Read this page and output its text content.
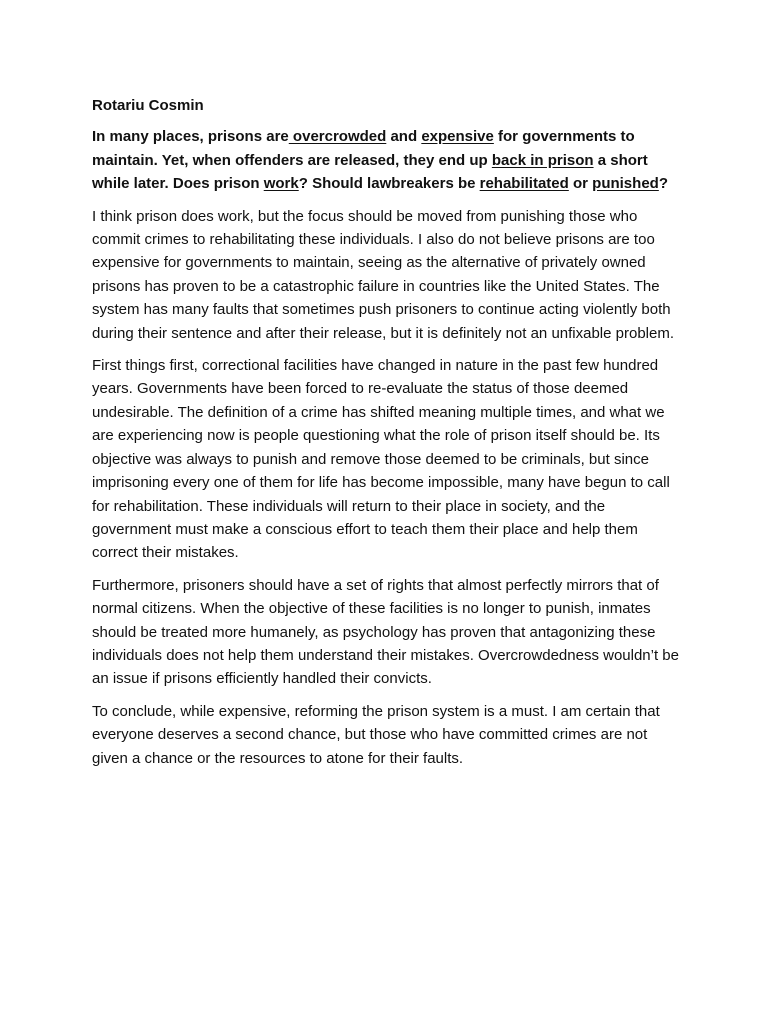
Rotariu Cosmin

In many places, prisons are overcrowded and expensive for governments to maintain. Yet, when offenders are released, they end up back in prison a short while later. Does prison work? Should lawbreakers be rehabilitated or punished?

I think prison does work, but the focus should be moved from punishing those who commit crimes to rehabilitating these individuals. I also do not believe prisons are too expensive for governments to maintain, seeing as the alternative of privately owned prisons has proven to be a catastrophic failure in countries like the United States. The system has many faults that sometimes push prisoners to continue acting violently both during their sentence and after their release, but it is definitely not an unfixable problem.

First things first, correctional facilities have changed in nature in the past few hundred years. Governments have been forced to re-evaluate the status of those deemed undesirable. The definition of a crime has shifted meaning multiple times, and what we are experiencing now is people questioning what the role of prison itself should be. Its objective was always to punish and remove those deemed to be criminals, but since imprisoning every one of them for life has become impossible, many have begun to call for rehabilitation. These individuals will return to their place in society, and the government must make a conscious effort to teach them their place and help them correct their mistakes.

Furthermore, prisoners should have a set of rights that almost perfectly mirrors that of normal citizens. When the objective of these facilities is no longer to punish, inmates should be treated more humanely, as psychology has proven that antagonizing these individuals does not help them understand their mistakes. Overcrowdedness wouldn’t be an issue if prisons efficiently handled their convicts.

To conclude, while expensive, reforming the prison system is a must. I am certain that everyone deserves a second chance, but those who have committed crimes are not given a chance or the resources to atone for their faults.
